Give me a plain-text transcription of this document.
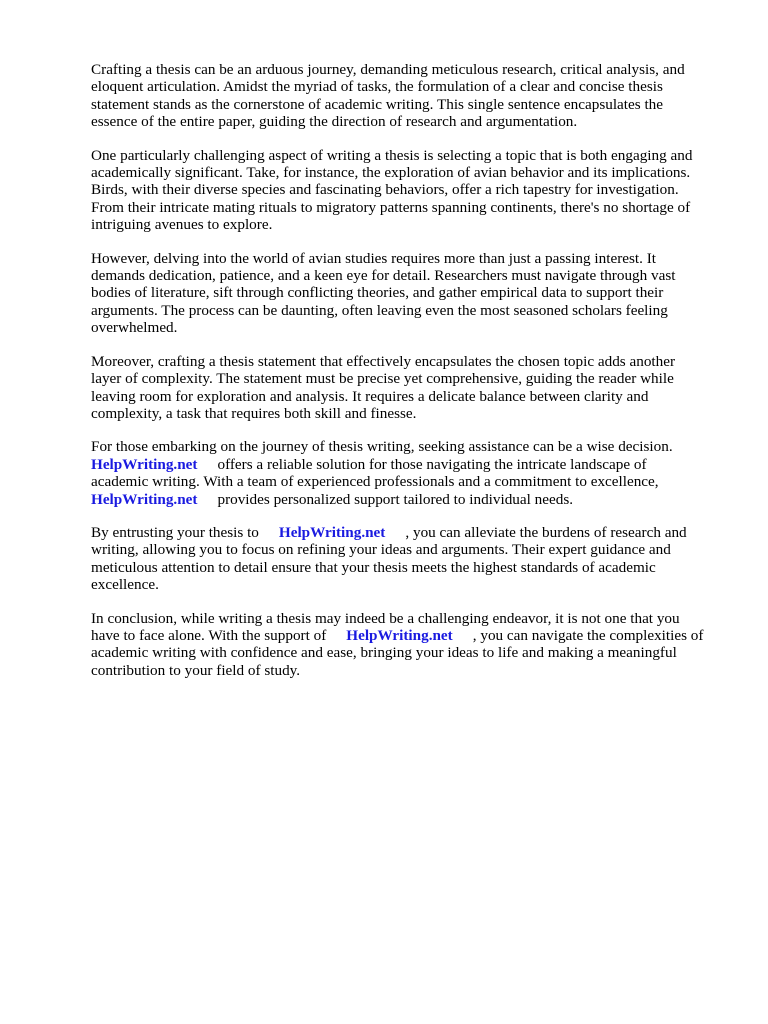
Crafting a thesis can be an arduous journey, demanding meticulous research, critical analysis, and
eloquent articulation. Amidst the myriad of tasks, the formulation of a clear and concise thesis
statement stands as the cornerstone of academic writing. This single sentence encapsulates the
essence of the entire paper, guiding the direction of research and argumentation.

One particularly challenging aspect of writing a thesis is selecting a topic that is both engaging and
academically significant. Take, for instance, the exploration of avian behavior and its implications.
Birds, with their diverse species and fascinating behaviors, offer a rich tapestry for investigation.
From their intricate mating rituals to migratory patterns spanning continents, there's no shortage of
intriguing avenues to explore.

However, delving into the world of avian studies requires more than just a passing interest. It
demands dedication, patience, and a keen eye for detail. Researchers must navigate through vast
bodies of literature, sift through conflicting theories, and gather empirical data to support their
arguments. The process can be daunting, often leaving even the most seasoned scholars feeling
overwhelmed.

Moreover, crafting a thesis statement that effectively encapsulates the chosen topic adds another
layer of complexity. The statement must be precise yet comprehensive, guiding the reader while
leaving room for exploration and analysis. It requires a delicate balance between clarity and
complexity, a task that requires both skill and finesse.

For those embarking on the journey of thesis writing, seeking assistance can be a wise decision.
HelpWriting.net offers a reliable solution for those navigating the intricate landscape of
academic writing. With a team of experienced professionals and a commitment to excellence,
HelpWriting.net provides personalized support tailored to individual needs.

By entrusting your thesis to HelpWriting.net , you can alleviate the burdens of research and
writing, allowing you to focus on refining your ideas and arguments. Their expert guidance and
meticulous attention to detail ensure that your thesis meets the highest standards of academic
excellence.

In conclusion, while writing a thesis may indeed be a challenging endeavor, it is not one that you
have to face alone. With the support of HelpWriting.net , you can navigate the complexities of
academic writing with confidence and ease, bringing your ideas to life and making a meaningful
contribution to your field of study.
